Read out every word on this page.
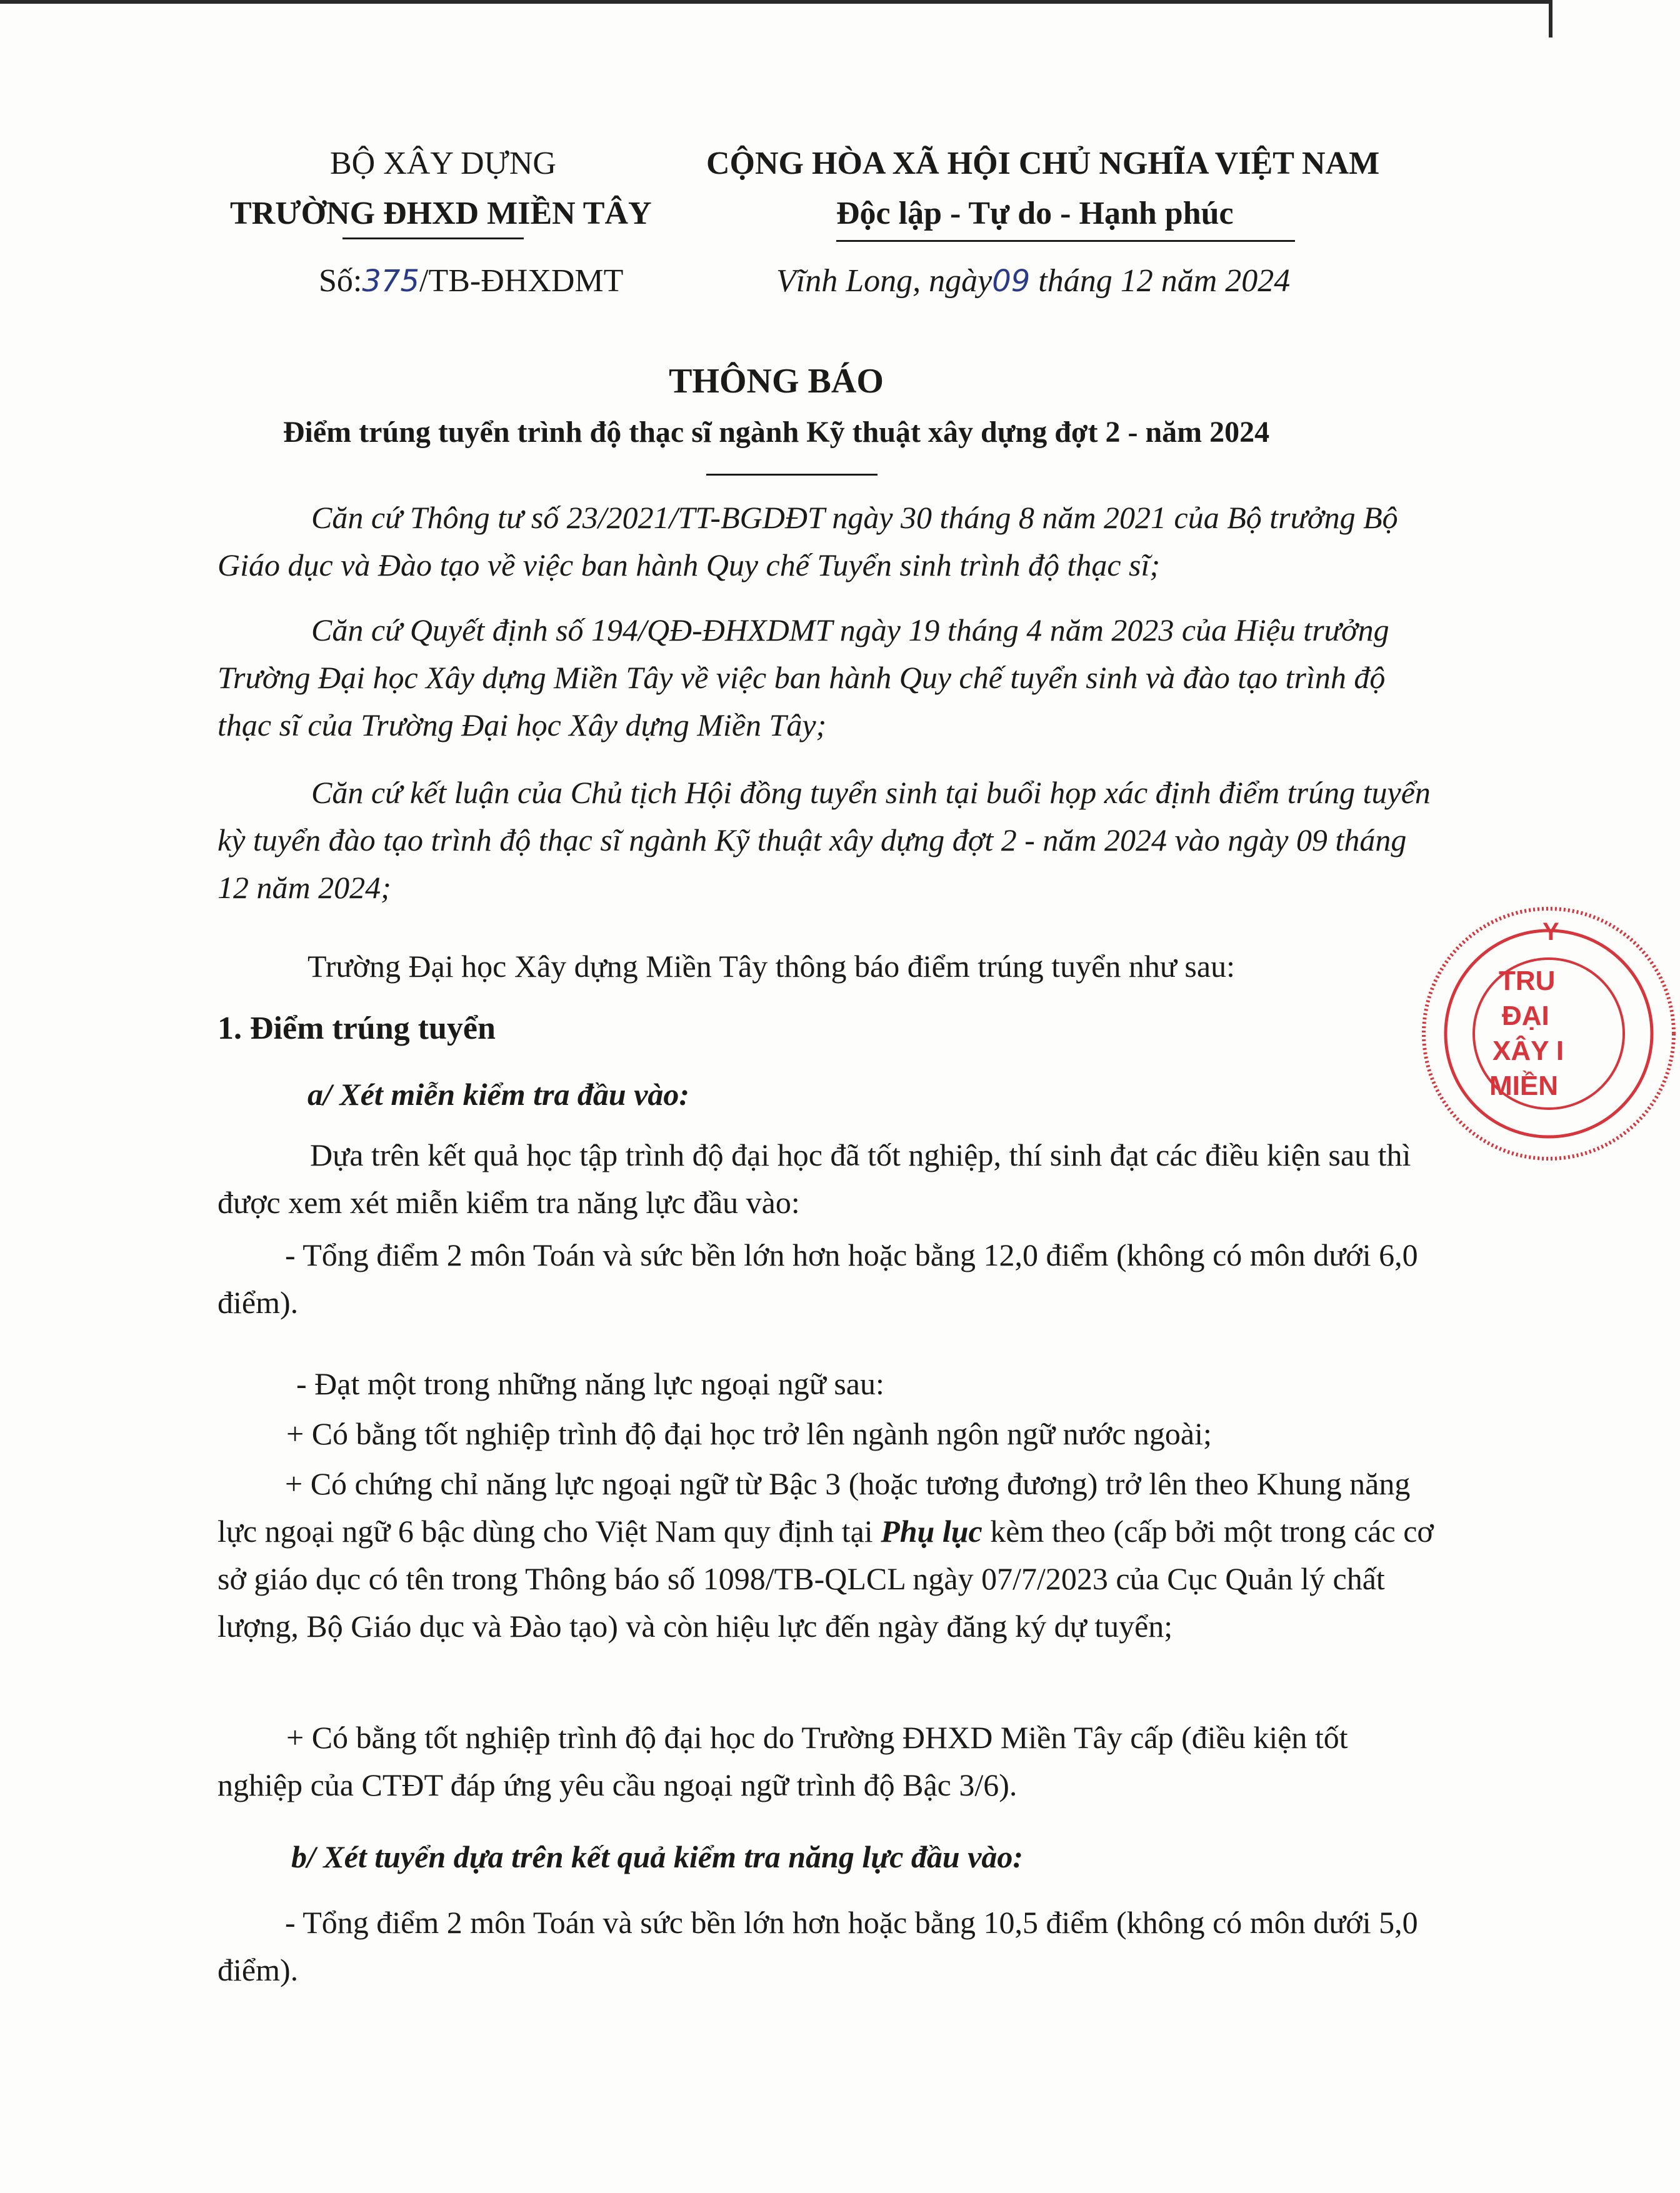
BỘ XÂY DỰNG
TRƯỜNG ĐHXD MIỀN TÂY
Số:375/TB-ĐHXDMT
CỘNG HÒA XÃ HỘI CHỦ NGHĨA VIỆT NAM
Độc lập - Tự do - Hạnh phúc
Vĩnh Long, ngày09 tháng 12 năm 2024
THÔNG BÁO
Điểm trúng tuyển trình độ thạc sĩ ngành Kỹ thuật xây dựng đợt 2 - năm 2024
Căn cứ Thông tư số 23/2021/TT-BGDĐT ngày 30 tháng 8 năm 2021 của Bộ trưởng Bộ Giáo dục và Đào tạo về việc ban hành Quy chế Tuyển sinh trình độ thạc sĩ;
Căn cứ Quyết định số 194/QĐ-ĐHXDMT ngày 19 tháng 4 năm 2023 của Hiệu trưởng Trường Đại học Xây dựng Miền Tây về việc ban hành Quy chế tuyển sinh và đào tạo trình độ thạc sĩ của Trường Đại học Xây dựng Miền Tây;
Căn cứ kết luận của Chủ tịch Hội đồng tuyển sinh tại buổi họp xác định điểm trúng tuyển kỳ tuyển đào tạo trình độ thạc sĩ ngành Kỹ thuật xây dựng đợt 2 - năm 2024 vào ngày 09 tháng 12 năm 2024;
Trường Đại học Xây dựng Miền Tây thông báo điểm trúng tuyển như sau:
1. Điểm trúng tuyển
a/ Xét miễn kiểm tra đầu vào:
Dựa trên kết quả học tập trình độ đại học đã tốt nghiệp, thí sinh đạt các điều kiện sau thì được xem xét miễn kiểm tra năng lực đầu vào:
- Tổng điểm 2 môn Toán và sức bền lớn hơn hoặc bằng 12,0 điểm (không có môn dưới 6,0 điểm).
- Đạt một trong những năng lực ngoại ngữ sau:
+ Có bằng tốt nghiệp trình độ đại học trở lên ngành ngôn ngữ nước ngoài;
+ Có chứng chỉ năng lực ngoại ngữ từ Bậc 3 (hoặc tương đương) trở lên theo Khung năng lực ngoại ngữ 6 bậc dùng cho Việt Nam quy định tại Phụ lục kèm theo (cấp bởi một trong các cơ sở giáo dục có tên trong Thông báo số 1098/TB-QLCL ngày 07/7/2023 của Cục Quản lý chất lượng, Bộ Giáo dục và Đào tạo) và còn hiệu lực đến ngày đăng ký dự tuyển;
+ Có bằng tốt nghiệp trình độ đại học do Trường ĐHXD Miền Tây cấp (điều kiện tốt nghiệp của CTĐT đáp ứng yêu cầu ngoại ngữ trình độ Bậc 3/6).
b/ Xét tuyển dựa trên kết quả kiểm tra năng lực đầu vào:
- Tổng điểm 2 môn Toán và sức bền lớn hơn hoặc bằng 10,5 điểm (không có môn dưới 5,0 điểm).
Y
TRU
ĐẠI
XÂY I
MIỀN
